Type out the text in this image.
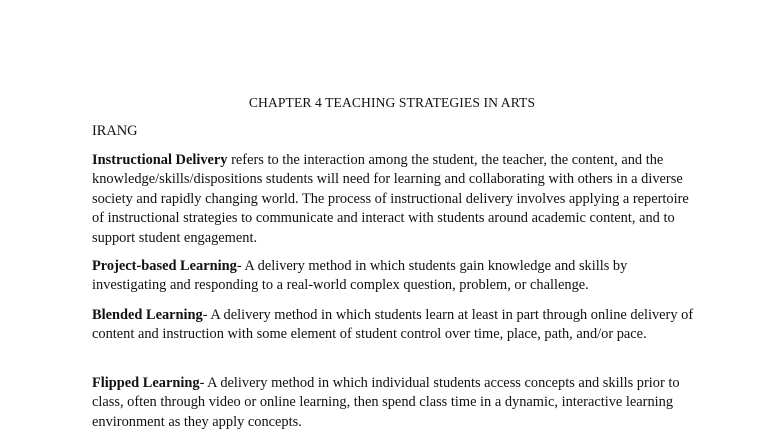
CHAPTER 4 TEACHING STRATEGIES IN ARTS
IRANG

Instructional Delivery refers to the interaction among the student, the teacher, the content, and the knowledge/skills/dispositions students will need for learning and collaborating with others in a diverse society and rapidly changing world. The process of instructional delivery involves applying a repertoire of instructional strategies to communicate and interact with students around academic content, and to support student engagement.

Project-based Learning- A delivery method in which students gain knowledge and skills by investigating and responding to a real-world complex question, problem, or challenge.

Blended Learning- A delivery method in which students learn at least in part through online delivery of content and instruction with some element of student control over time, place, path, and/or pace.

Flipped Learning- A delivery method in which individual students access concepts and skills prior to class, often through video or online learning, then spend class time in a dynamic, interactive learning environment as they apply concepts.
